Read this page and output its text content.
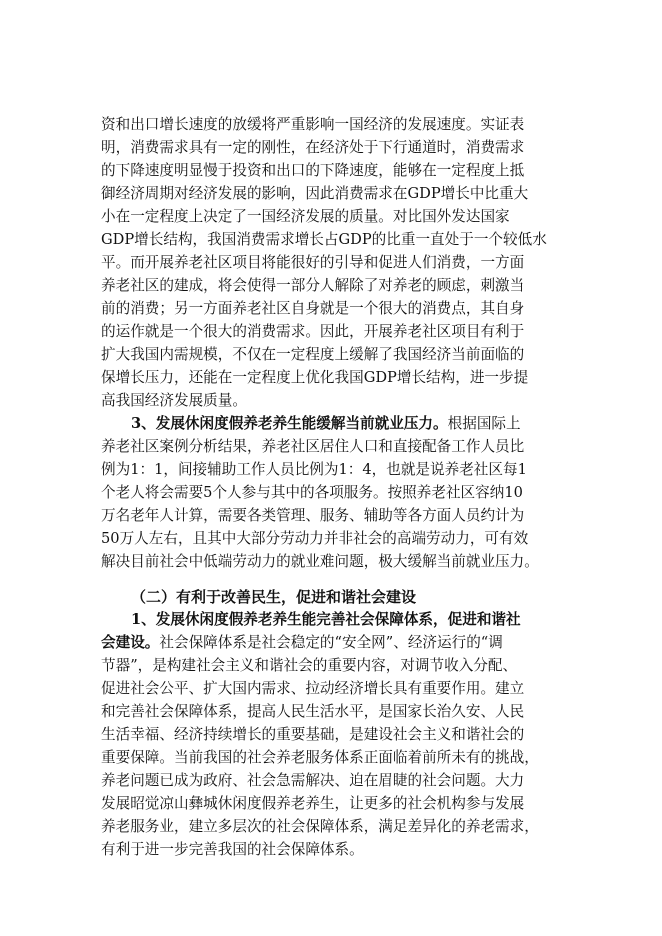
资和出口增长速度的放缓将严重影响一国经济的发展速度。实证表
明，消费需求具有一定的刚性，在经济处于下行通道时，消费需求
的下降速度明显慢于投资和出口的下降速度，能够在一定程度上抵
御经济周期对经济发展的影响，因此消费需求在GDP增长中比重大
小在一定程度上决定了一国经济发展的质量。对比国外发达国家
GDP增长结构，我国消费需求增长占GDP的比重一直处于一个较低水
平。而开展养老社区项目将能很好的引导和促进人们消费，一方面
养老社区的建成，将会使得一部分人解除了对养老的顾虑，刺激当
前的消费；另一方面养老社区自身就是一个很大的消费点，其自身
的运作就是一个很大的消费需求。因此，开展养老社区项目有利于
扩大我国内需规模，不仅在一定程度上缓解了我国经济当前面临的
保增长压力，还能在一定程度上优化我国GDP增长结构，进一步提
高我国经济发展质量。
3、发展休闲度假养老养生能缓解当前就业压力。根据国际上
养老社区案例分析结果，养老社区居住人口和直接配备工作人员比
例为1：1，间接辅助工作人员比例为1：4，也就是说养老社区每1
个老人将会需要5个人参与其中的各项服务。按照养老社区容纳10
万名老年人计算，需要各类管理、服务、辅助等各方面人员约计为
50万人左右，且其中大部分劳动力并非社会的高端劳动力，可有效
解决目前社会中低端劳动力的就业难问题，极大缓解当前就业压力。
（二）有利于改善民生，促进和谐社会建设
1、发展休闲度假养老养生能完善社会保障体系，促进和谐社
会建设。社会保障体系是社会稳定的“安全网”、经济运行的“调
节器”，是构建社会主义和谐社会的重要内容，对调节收入分配、
促进社会公平、扩大国内需求、拉动经济增长具有重要作用。建立
和完善社会保障体系，提高人民生活水平，是国家长治久安、人民
生活幸福、经济持续增长的重要基础，是建设社会主义和谐社会的
重要保障。当前我国的社会养老服务体系正面临着前所未有的挑战，
养老问题已成为政府、社会急需解决、迫在眉睫的社会问题。大力
发展昭觉凉山彝城休闲度假养老养生，让更多的社会机构参与发展
养老服务业，建立多层次的社会保障体系，满足差异化的养老需求，
有利于进一步完善我国的社会保障体系。
